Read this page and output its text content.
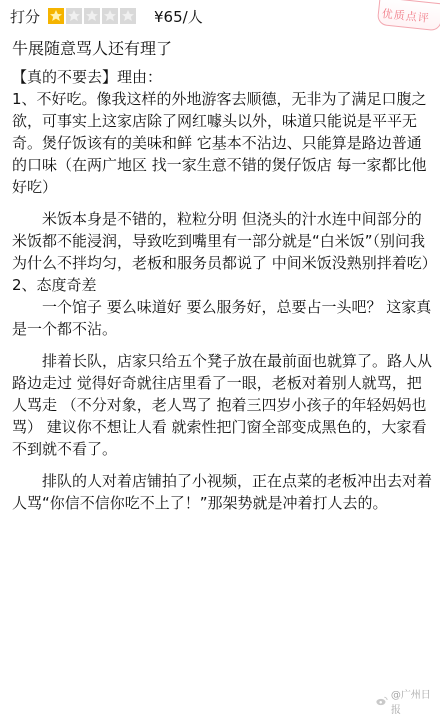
打分	¥65/人	优质点评
牛展随意骂人还有理了

【真的不要去】理由：

1、不好吃。像我这样的外地游客去顺德，无非为了满足口腹之欲，可事实上这家店除了网红噱头以外，味道只能说是平平无奇。煲仔饭该有的美味和鲜 它基本不沾边、只能算是路边普通的口味（在两广地区 找一家生意不错的煲仔饭店 每一家都比他好吃）

米饭本身是不错的，粒粒分明 但浇头的汁水连中间部分的米饭都不能浸润，导致吃到嘴里有一部分就是“白米饭”（别问我为什么不拌均匀，老板和服务员都说了 中间米饭没熟别拌着吃）

2、态度奇差

一个馆子 要么味道好 要么服务好，总要占一头吧？ 这家真是一个都不沾。

排着长队，店家只给五个凳子放在最前面也就算了。路人从路边走过 觉得好奇就往店里看了一眼，老板对着别人就骂，把人骂走 （不分对象，老人骂了 抱着三四岁小孩子的年轻妈妈也骂） 建议你不想让人看 就索性把门窗全部变成黑色的，大家看不到就不看了。

排队的人对着店铺拍了小视频，正在点菜的老板冲出去对着人骂“你信不信你吃不上了！”那架势就是冲着打人去的。

@广州日报
